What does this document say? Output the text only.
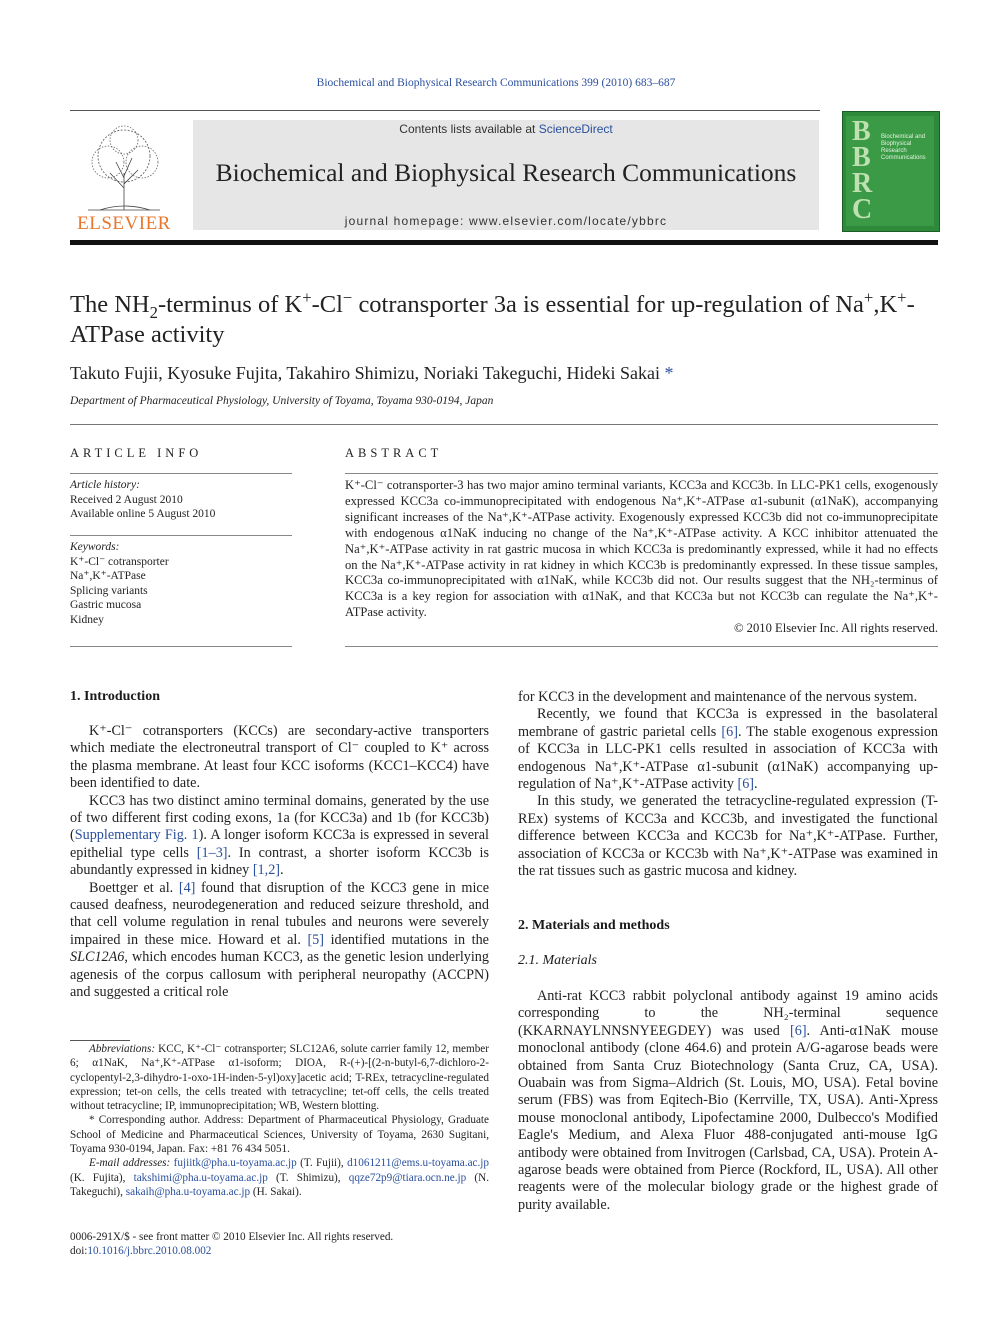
Biochemical and Biophysical Research Communications 399 (2010) 683–687
ELSEVIER
Contents lists available at ScienceDirect
Biochemical and Biophysical Research Communications
journal homepage: www.elsevier.com/locate/ybbrc
B
B
R
C
Biochemical and Biophysical Research Communications
The $NH_2$-terminus of K+-Cl− cotransporter 3a is essential for up-regulation of Na+,K+-ATPase activity
Takuto Fujii, Kyosuke Fujita, Takahiro Shimizu, Noriaki Takeguchi, Hideki Sakai *
Department of Pharmaceutical Physiology, University of Toyama, Toyama 930-0194, Japan
ARTICLE INFO
Article history:
Received 2 August 2010
Available online 5 August 2010
Keywords:
K⁺-Cl⁻ cotransporter
Na⁺,K⁺-ATPase
Splicing variants
Gastric mucosa
Kidney
ABSTRACT

K⁺-Cl⁻ cotransporter-3 has two major amino terminal variants, KCC3a and KCC3b. In LLC-PK1 cells, exogenously expressed KCC3a co-immunoprecipitated with endogenous Na⁺,K⁺-ATPase α1-subunit (α1NaK), accompanying significant increases of the Na⁺,K⁺-ATPase activity. Exogenously expressed KCC3b did not co-immunoprecipitate with endogenous α1NaK inducing no change of the Na⁺,K⁺-ATPase activity. A KCC inhibitor attenuated the Na⁺,K⁺-ATPase activity in rat gastric mucosa in which KCC3a is predominantly expressed, while it had no effects on the Na⁺,K⁺-ATPase activity in rat kidney in which KCC3b is predominantly expressed. In these tissue samples, KCC3a co-immunoprecipitated with α1NaK, while KCC3b did not. Our results suggest that the NH₂-terminus of KCC3a is a key region for association with α1NaK, and that KCC3a but not KCC3b can regulate the Na⁺,K⁺-ATPase activity.

© 2010 Elsevier Inc. All rights reserved.

1. Introduction

K⁺-Cl⁻ cotransporters (KCCs) are secondary-active transporters which mediate the electroneutral transport of Cl⁻ coupled to K⁺ across the plasma membrane. At least four KCC isoforms (KCC1–KCC4) have been identified to date.

KCC3 has two distinct amino terminal domains, generated by the use of two different first coding exons, 1a (for KCC3a) and 1b (for KCC3b) (Supplementary Fig. 1). A longer isoform KCC3a is expressed in several epithelial type cells [1–3]. In contrast, a shorter isoform KCC3b is abundantly expressed in kidney [1,2].

Boettger et al. [4] found that disruption of the KCC3 gene in mice caused deafness, neurodegeneration and reduced seizure threshold, and that cell volume regulation in renal tubules and neurons were severely impaired in these mice. Howard et al. [5] identified mutations in the SLC12A6, which encodes human KCC3, as the genetic lesion underlying agenesis of the corpus callosum with peripheral neuropathy (ACCPN) and suggested a critical role

Abbreviations: KCC, K⁺-Cl⁻ cotransporter; SLC12A6, solute carrier family 12, member 6; α1NaK, Na⁺,K⁺-ATPase α1-isoform; DIOA, R-(+)-[(2-n-butyl-6,7-dichloro-2-cyclopentyl-2,3-dihydro-1-oxo-1H-inden-5-yl)oxy]acetic acid; T-REx, tetracycline-regulated expression; tet-on cells, the cells treated with tetracycline; tet-off cells, the cells treated without tetracycline; IP, immunoprecipitation; WB, Western blotting.

* Corresponding author. Address: Department of Pharmaceutical Physiology, Graduate School of Medicine and Pharmaceutical Sciences, University of Toyama, 2630 Sugitani, Toyama 930-0194, Japan. Fax: +81 76 434 5051.

E-mail addresses: fujiitk@pha.u-toyama.ac.jp (T. Fujii), d1061211@ems.u-toyama.ac.jp (K. Fujita), takshimi@pha.u-toyama.ac.jp (T. Shimizu), qqze72p9@tiara.ocn.ne.jp (N. Takeguchi), sakaih@pha.u-toyama.ac.jp (H. Sakai).

0006-291X/$ - see front matter © 2010 Elsevier Inc. All rights reserved.
doi:10.1016/j.bbrc.2010.08.002

for KCC3 in the development and maintenance of the nervous system.

Recently, we found that KCC3a is expressed in the basolateral membrane of gastric parietal cells [6]. The stable exogenous expression of KCC3a in LLC-PK1 cells resulted in association of KCC3a with endogenous Na⁺,K⁺-ATPase α1-subunit (α1NaK) accompanying up-regulation of Na⁺,K⁺-ATPase activity [6].

In this study, we generated the tetracycline-regulated expression (T-REx) systems of KCC3a and KCC3b, and investigated the functional difference between KCC3a and KCC3b for Na⁺,K⁺-ATPase. Further, association of KCC3a or KCC3b with Na⁺,K⁺-ATPase was examined in the rat tissues such as gastric mucosa and kidney.

2. Materials and methods
2.1. Materials

Anti-rat KCC3 rabbit polyclonal antibody against 19 amino acids corresponding to the NH₂-terminal sequence (KKARNAYLNNSNYEEGDEY) was used [6]. Anti-α1NaK mouse monoclonal antibody (clone 464.6) and protein A/G-agarose beads were obtained from Santa Cruz Biotechnology (Santa Cruz, CA, USA). Ouabain was from Sigma–Aldrich (St. Louis, MO, USA). Fetal bovine serum (FBS) was from Eqitech-Bio (Kerrville, TX, USA). Anti-Xpress mouse monoclonal antibody, Lipofectamine 2000, Dulbecco's Modified Eagle's Medium, and Alexa Fluor 488-conjugated anti-mouse IgG antibody were obtained from Invitrogen (Carlsbad, CA, USA). Protein A-agarose beads were obtained from Pierce (Rockford, IL, USA). All other reagents were of the molecular biology grade or the highest grade of purity available.
